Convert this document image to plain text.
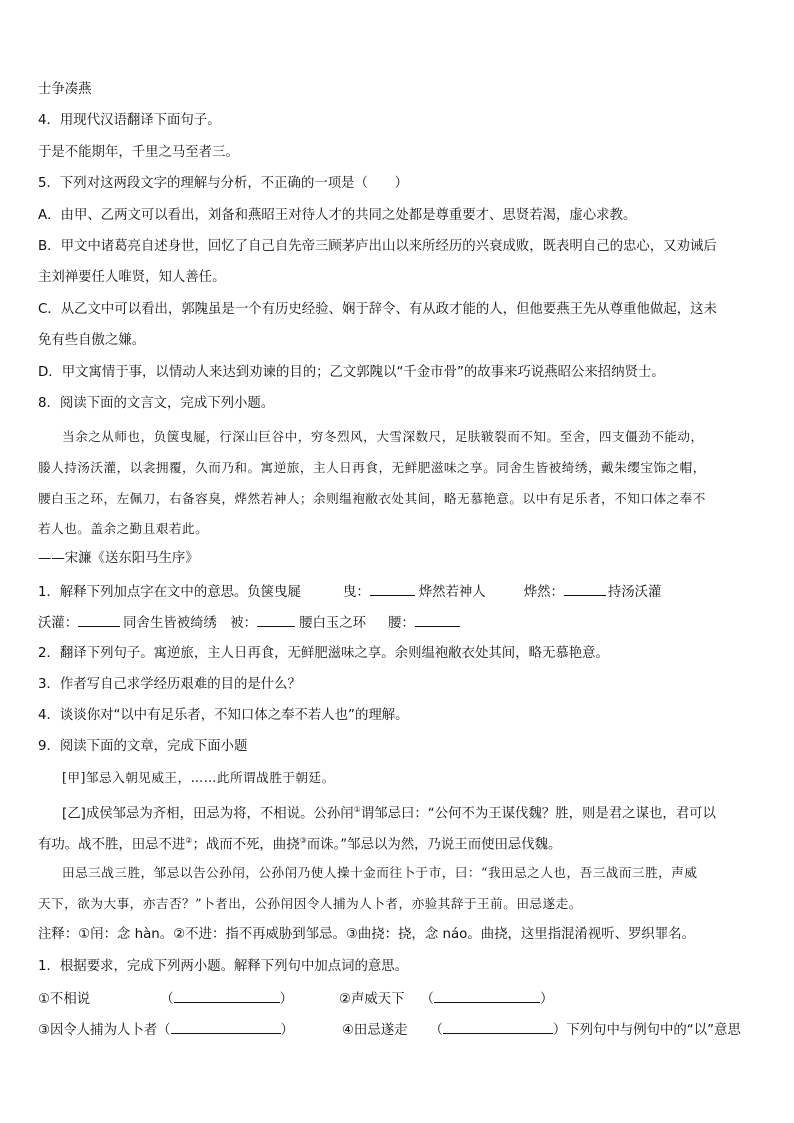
士争凑燕
4．用现代汉语翻译下面句子。
于是不能期年，千里之马至者三。
5．下列对这两段文字的理解与分析，不正确的一项是（　　）
A．由甲、乙两文可以看出，刘备和燕昭王对待人才的共同之处都是尊重要才、思贤若渴，虚心求教。
B．甲文中诸葛亮自述身世，回忆了自己自先帝三顾茅庐出山以来所经历的兴衰成败，既表明自己的忠心，又劝诫后
主刘禅要任人唯贤，知人善任。
C．从乙文中可以看出，郭隗虽是一个有历史经验、娴于辞令、有从政才能的人，但他要燕王先从尊重他做起，这未
免有些自傲之嫌。
D．甲文寓情于事，以情动人来达到劝谏的目的；乙文郭隗以“千金市骨”的故事来巧说燕昭公来招纳贤士。
8．阅读下面的文言文，完成下列小题。
当余之从师也，负箧曳屣，行深山巨谷中，穷冬烈风，大雪深数尺，足肤皲裂而不知。至舍，四支僵劲不能动，
媵人持汤沃灌，以衾拥覆，久而乃和。寓逆旅，主人日再食，无鲜肥滋味之享。同舍生皆被绮绣，戴朱缨宝饰之帽，
腰白玉之环，左佩刀，右备容臭，烨然若神人；余则缊袍敝衣处其间，略无慕艳意。以中有足乐者，不知口体之奉不
若人也。盖余之勤且艰若此。
——宋濂《送东阳马生序》
1．解释下列加点字在文中的意思。负箧曳屣	曳：	烨然若神人	烨然：	持汤沃灌
沃灌：	同舍生皆被绮绣　被：	腰白玉之环 腰：
2．翻译下列句子。寓逆旅，主人日再食，无鲜肥滋味之享。余则缊袍敝衣处其间，略无慕艳意。
3．作者写自己求学经历艰难的目的是什么？
4．谈谈你对“以中有足乐者，不知口体之奉不若人也”的理解。
9．阅读下面的文章，完成下面小题
[甲]邹忌入朝见威王，……此所谓战胜于朝廷。
[乙]成侯邹忌为齐相，田忌为将，不相说。公孙闬①谓邹忌曰：“公何不为王谋伐魏？胜，则是君之谋也，君可以
有功。战不胜，田忌不进②；战而不死，曲挠③而诛。”邹忌以为然，乃说王而使田忌伐魏。
田忌三战三胜，邹忌以告公孙闬，公孙闬乃使人操十金而往卜于市，曰：“我田忌之人也，吾三战而三胜，声威
天下，欲为大事，亦吉否？”卜者出，公孙闬因令人捕为人卜者，亦验其辞于王前。田忌遂走。
注释：①闬：念 hàn。②不进：指不再威胁到邹忌。③曲挠：挠，念 náo。曲挠，这里指混淆视听、罗织罪名。
1．根据要求，完成下列两小题。解释下列句中加点词的意思。
①不相说	（	）	②声威天下 （	）
③因令人捕为人卜者（	）	④田忌遂走 （	）下列句中与例句中的“以”意思
